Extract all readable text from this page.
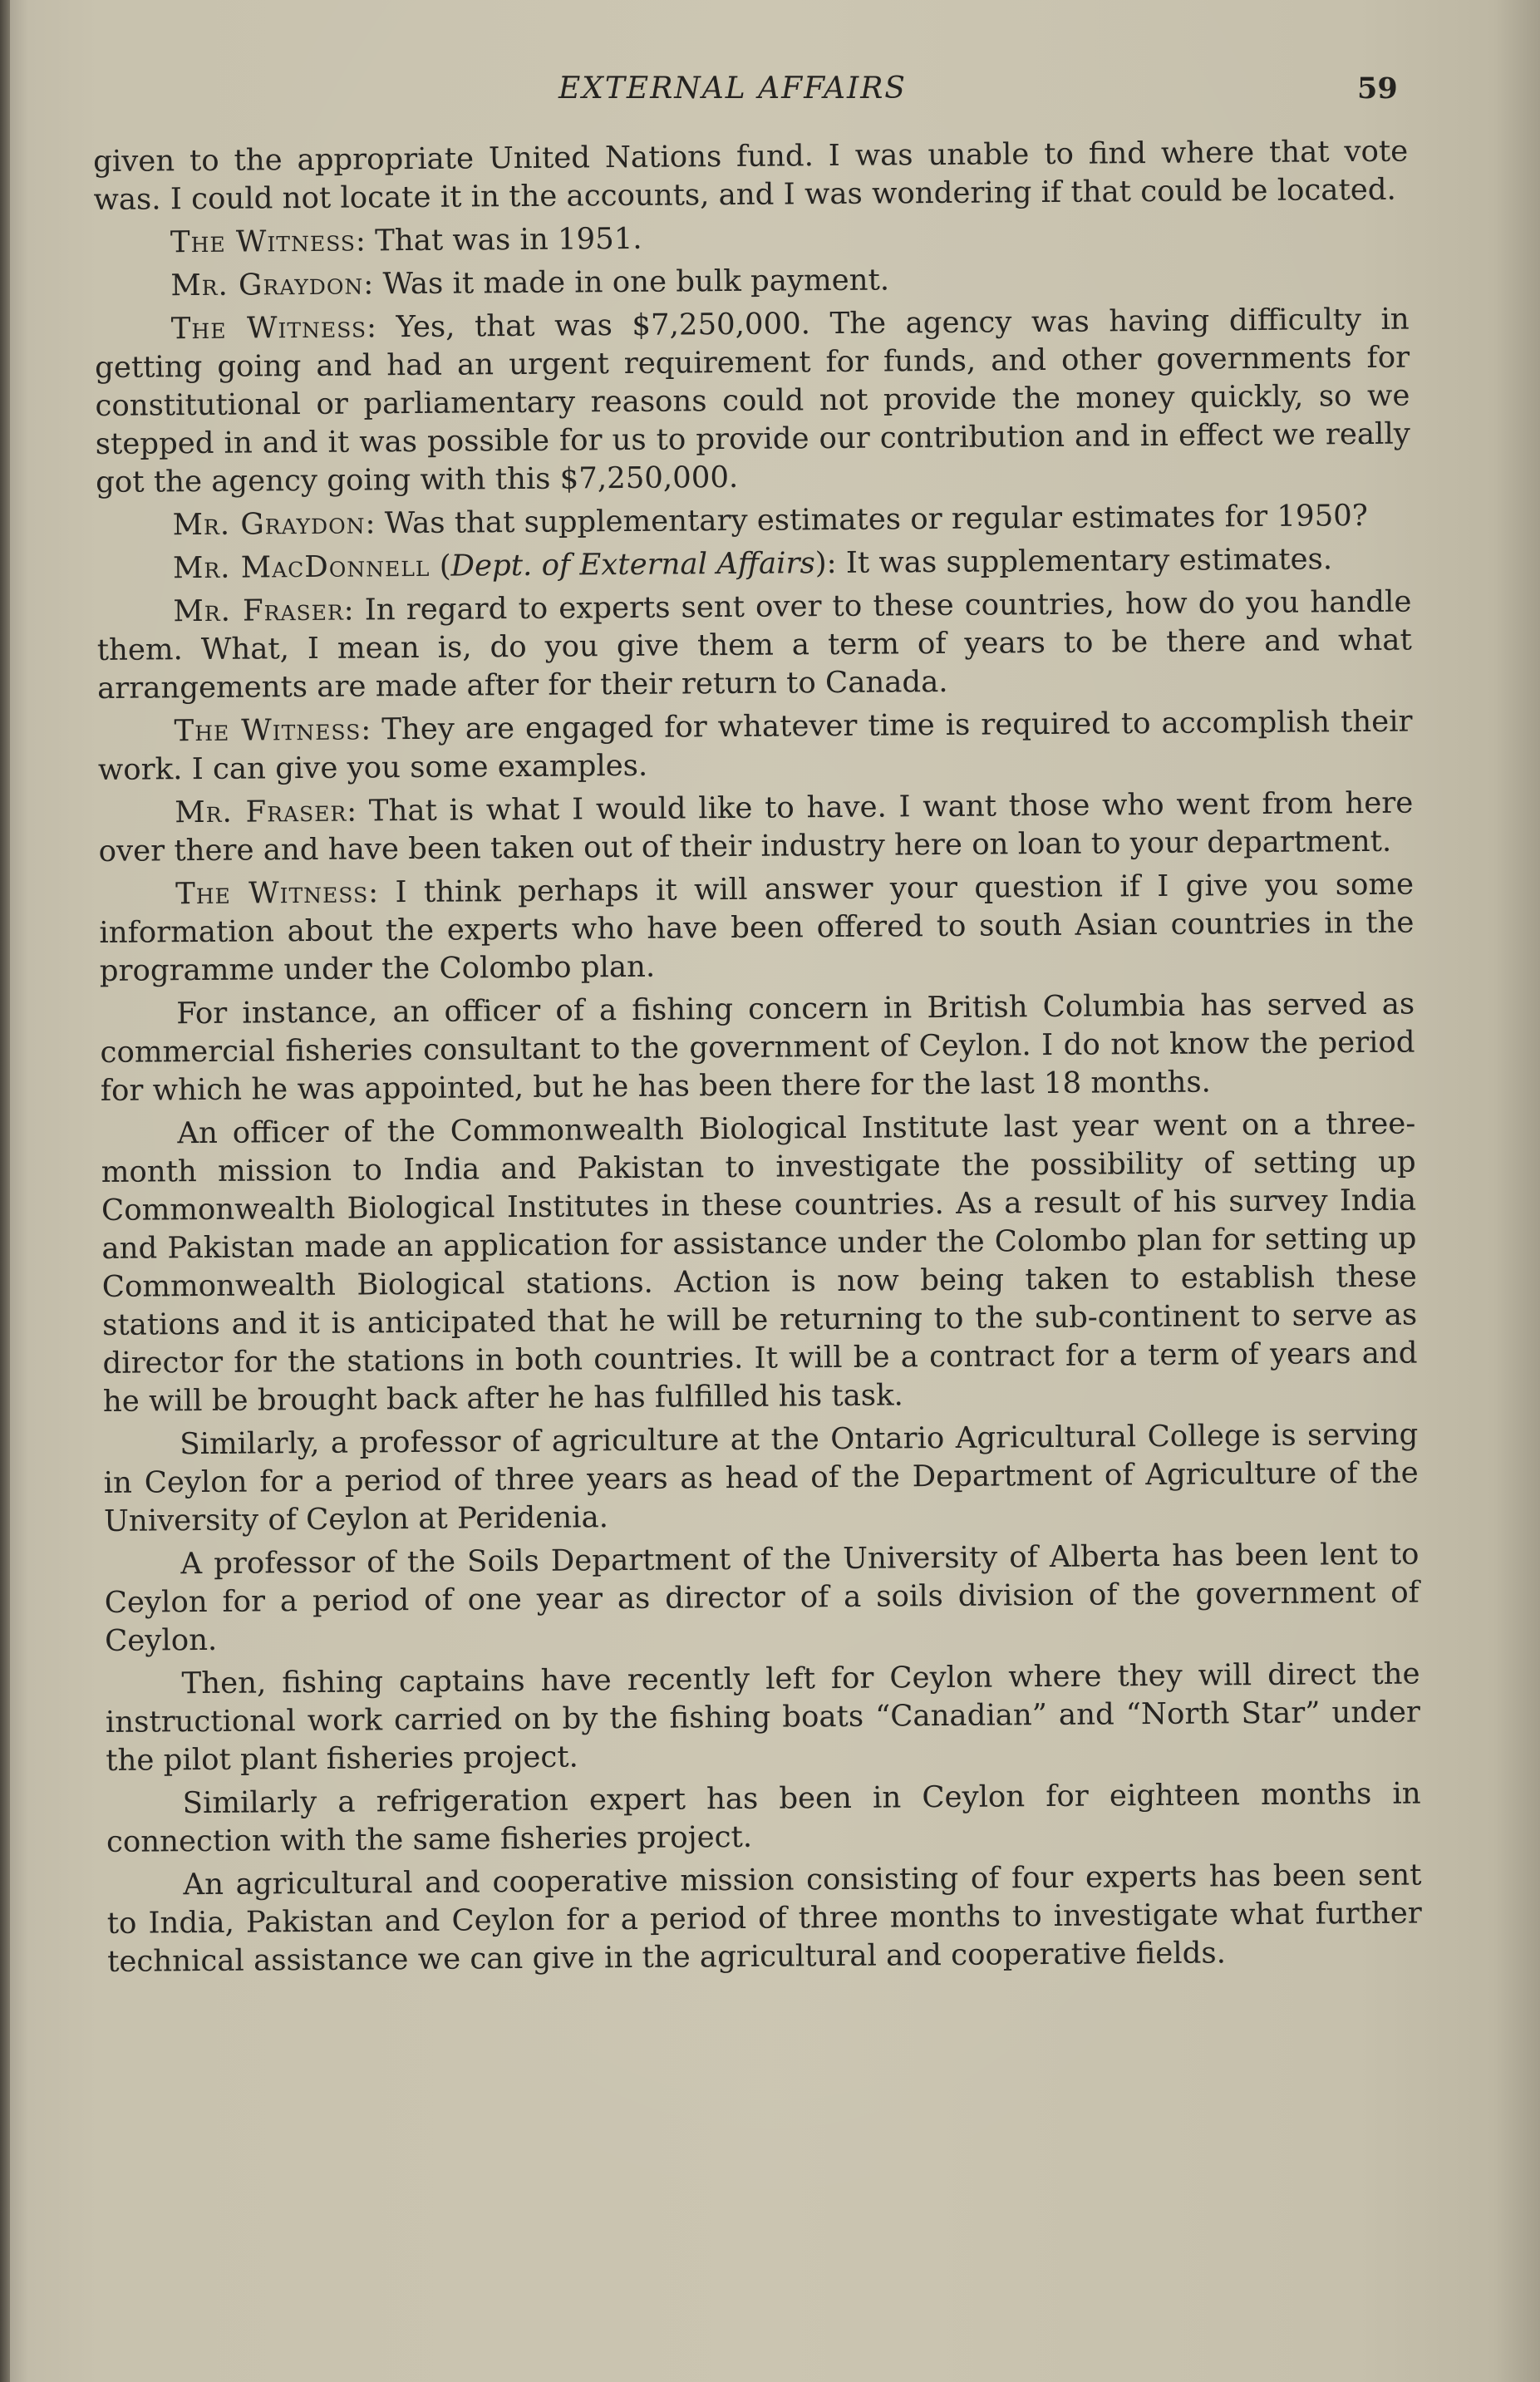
EXTERNAL AFFAIRS	59

given to the appropriate United Nations fund. I was unable to find where that vote was. I could not locate it in the accounts, and I was wondering if that could be located.

The Witness: That was in 1951.

Mr. Graydon: Was it made in one bulk payment.

The Witness: Yes, that was $7,250,000. The agency was having difficulty in getting going and had an urgent requirement for funds, and other governments for constitutional or parliamentary reasons could not provide the money quickly, so we stepped in and it was possible for us to provide our contribution and in effect we really got the agency going with this $7,250,000.

Mr. Graydon: Was that supplementary estimates or regular estimates for 1950?

Mr. MacDonnell (Dept. of External Affairs): It was supplementary estimates.

Mr. Fraser: In regard to experts sent over to these countries, how do you handle them. What, I mean is, do you give them a term of years to be there and what arrangements are made after for their return to Canada.

The Witness: They are engaged for whatever time is required to accomplish their work. I can give you some examples.

Mr. Fraser: That is what I would like to have. I want those who went from here over there and have been taken out of their industry here on loan to your department.

The Witness: I think perhaps it will answer your question if I give you some information about the experts who have been offered to south Asian countries in the programme under the Colombo plan.

For instance, an officer of a fishing concern in British Columbia has served as commercial fisheries consultant to the government of Ceylon. I do not know the period for which he was appointed, but he has been there for the last 18 months.

An officer of the Commonwealth Biological Institute last year went on a three-month mission to India and Pakistan to investigate the possibility of setting up Commonwealth Biological Institutes in these countries. As a result of his survey India and Pakistan made an application for assistance under the Colombo plan for setting up Commonwealth Biological stations. Action is now being taken to establish these stations and it is anticipated that he will be returning to the sub-continent to serve as director for the stations in both countries. It will be a contract for a term of years and he will be brought back after he has fulfilled his task.

Similarly, a professor of agriculture at the Ontario Agricultural College is serving in Ceylon for a period of three years as head of the Department of Agriculture of the University of Ceylon at Peridenia.

A professor of the Soils Department of the University of Alberta has been lent to Ceylon for a period of one year as director of a soils division of the government of Ceylon.

Then, fishing captains have recently left for Ceylon where they will direct the instructional work carried on by the fishing boats “Canadian” and “North Star” under the pilot plant fisheries project.

Similarly a refrigeration expert has been in Ceylon for eighteen months in connection with the same fisheries project.

An agricultural and cooperative mission consisting of four experts has been sent to India, Pakistan and Ceylon for a period of three months to investigate what further technical assistance we can give in the agricultural and cooperative fields.
